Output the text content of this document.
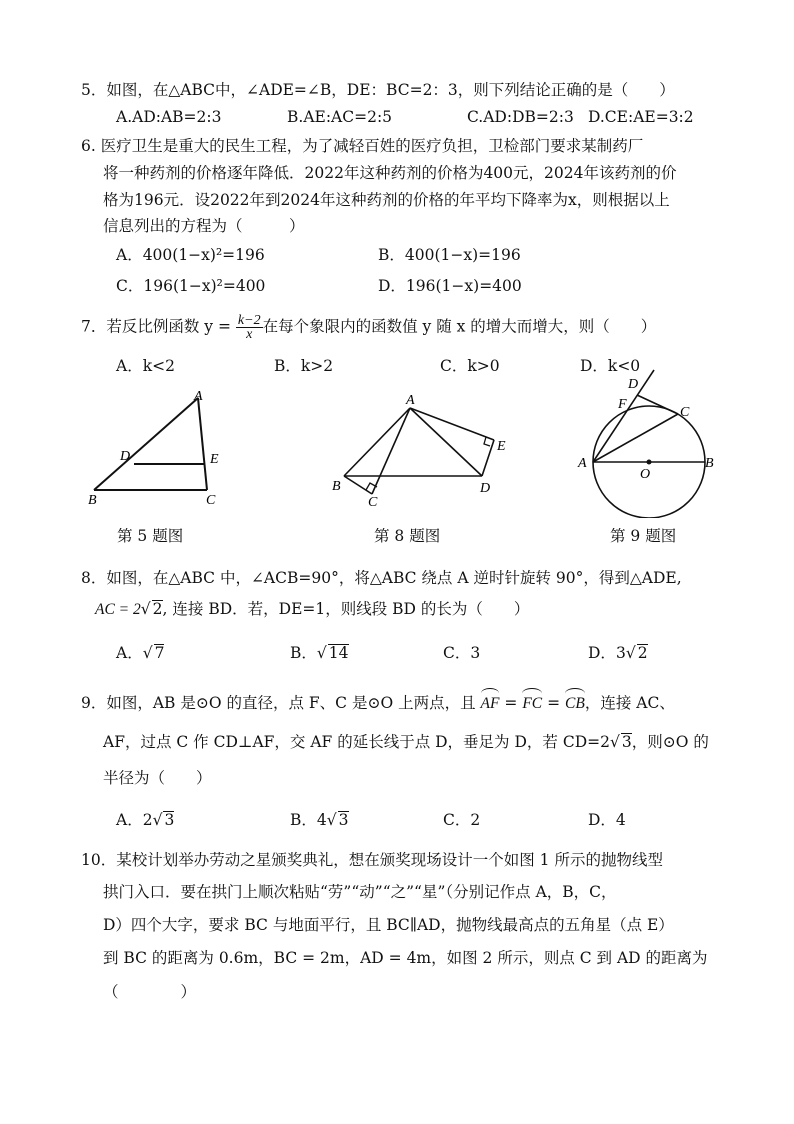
5．如图，在△ABC中，∠ADE=∠B，DE：BC=2：3，则下列结论正确的是（　　）
A.AD:AB=2:3	B.AE:AC=2:5	C.AD:DB=2:3 D.CE:AE=3:2
6. 医疗卫生是重大的民生工程，为了减轻百姓的医疗负担，卫检部门要求某制药厂
将一种药剂的价格逐年降低．2022年这种药剂的价格为400元，2024年该药剂的价
格为196元．设2022年到2024年这种药剂的价格的年平均下降率为x，则根据以上
信息列出的方程为（　　　）
A．400(1−x)²=196	B．400(1−x)=196
C．196(1−x)²=400	D．196(1−x)=400
7．若反比例函数 $y = \frac{k-2}{x}$ 在每个象限内的函数值 y 随 x 的增大而增大，则（　　）
A．k<2	B．k>2	C．k>0	D．k<0
A
D	E
B	C
第 5 题图
A
E
B
C
D
第 8 题图
D
F
C
A
O
B
第 9 题图
8．如图，在△ABC 中，∠ACB=90°，将△ABC 绕点 A 逆时针旋转 90°，得到△ADE,
AC = 2√ 2, 连接 BD．若，DE=1，则线段 BD 的长为（　　）
A．√ 7	B．√ 14	C．3	D．3√ 2
9．如图，AB 是⊙O 的直径，点 F、C 是⊙O 上两点，且 AF = FC = CB，连接 AC、
AF，过点 C 作 CD⊥AF，交 AF 的延长线于点 D，垂足为 D，若 CD=2√ 3，则⊙O 的
半径为（　　）
A．2√ 3	B．4√ 3	C．2	D．4
10．某校计划举办劳动之星颁奖典礼，想在颁奖现场设计一个如图 1 所示的抛物线型
拱门入口．要在拱门上顺次粘贴“劳”“动”“之”“星”（分别记作点 A，B，C，
D）四个大字，要求 BC 与地面平行，且 BC∥AD，抛物线最高点的五角星（点 E）
到 BC 的距离为 0.6m，BC = 2m，AD = 4m，如图 2 所示，则点 C 到 AD 的距离为
（　　　　）
